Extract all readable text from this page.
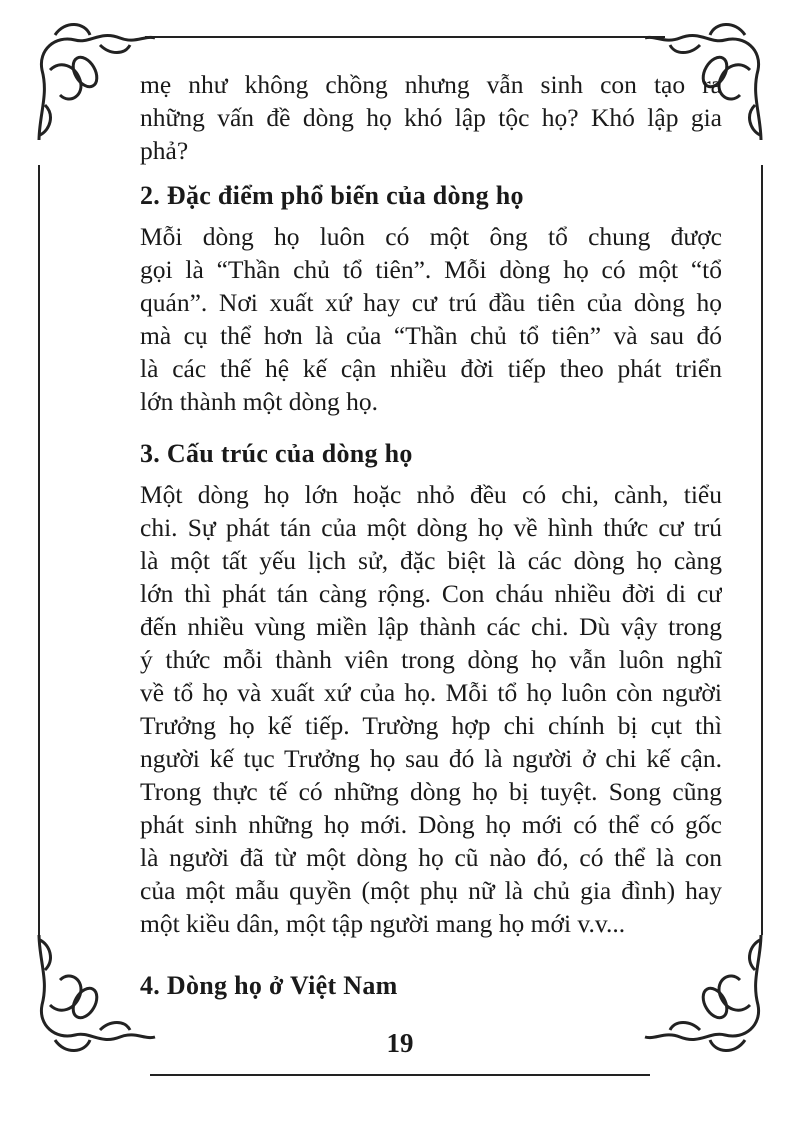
mẹ như không chồng nhưng vẫn sinh con tạo ra
những vấn đề dòng họ khó lập tộc họ? Khó lập gia
phả?
2. Đặc điểm phổ biến của dòng họ
Mỗi dòng họ luôn có một ông tổ chung được
gọi là “Thần chủ tổ tiên”. Mỗi dòng họ có một “tổ
quán”. Nơi xuất xứ hay cư trú đầu tiên của dòng họ
mà cụ thể hơn là của “Thần chủ tổ tiên” và sau đó
là các thế hệ kế cận nhiều đời tiếp theo phát triển
lớn thành một dòng họ.
3. Cấu trúc của dòng họ
Một dòng họ lớn hoặc nhỏ đều có chi, cành, tiểu
chi. Sự phát tán của một dòng họ về hình thức cư trú
là một tất yếu lịch sử, đặc biệt là các dòng họ càng
lớn thì phát tán càng rộng. Con cháu nhiều đời di cư
đến nhiều vùng miền lập thành các chi. Dù vậy trong
ý thức mỗi thành viên trong dòng họ vẫn luôn nghĩ
về tổ họ và xuất xứ của họ. Mỗi tổ họ luôn còn người
Trưởng họ kế tiếp. Trường hợp chi chính bị cụt thì
người kế tục Trưởng họ sau đó là người ở chi kế cận.
Trong thực tế có những dòng họ bị tuyệt. Song cũng
phát sinh những họ mới. Dòng họ mới có thể có gốc
là người đã từ một dòng họ cũ nào đó, có thể là con
của một mẫu quyền (một phụ nữ là chủ gia đình) hay
một kiều dân, một tập người mang họ mới v.v...
4. Dòng họ ở Việt Nam
19
